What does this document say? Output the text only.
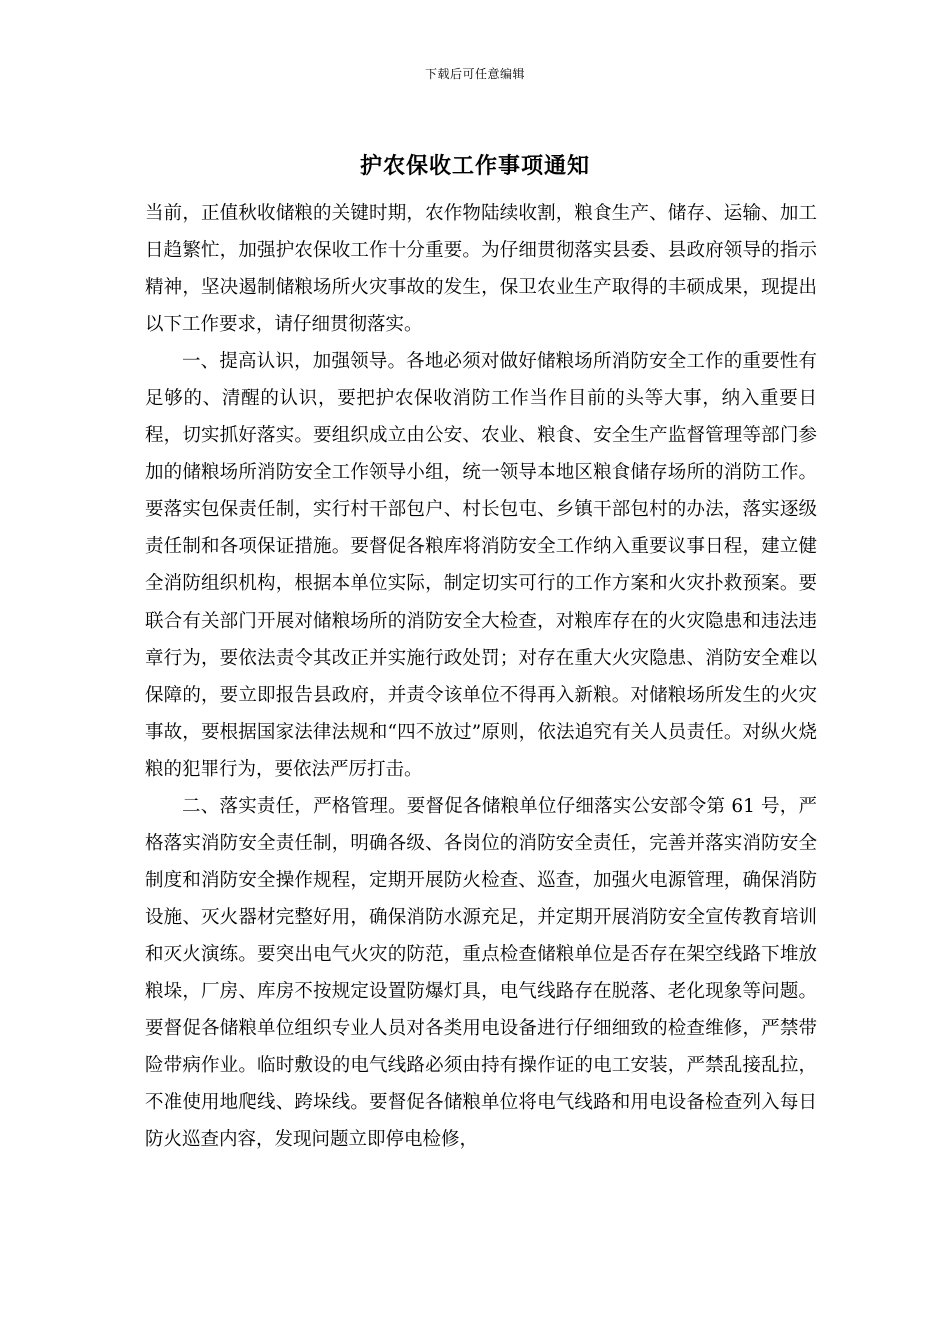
下载后可任意编辑
护农保收工作事项通知

当前，正值秋收储粮的关键时期，农作物陆续收割，粮食生产、储存、运输、加工日趋繁忙，加强护农保收工作十分重要。为仔细贯彻落实县委、县政府领导的指示精神，坚决遏制储粮场所火灾事故的发生，保卫农业生产取得的丰硕成果，现提出以下工作要求，请仔细贯彻落实。

一、提高认识，加强领导。各地必须对做好储粮场所消防安全工作的重要性有足够的、清醒的认识，要把护农保收消防工作当作目前的头等大事，纳入重要日程，切实抓好落实。要组织成立由公安、农业、粮食、安全生产监督管理等部门参加的储粮场所消防安全工作领导小组，统一领导本地区粮食储存场所的消防工作。要落实包保责任制，实行村干部包户、村长包屯、乡镇干部包村的办法，落实逐级责任制和各项保证措施。要督促各粮库将消防安全工作纳入重要议事日程，建立健全消防组织机构，根据本单位实际，制定切实可行的工作方案和火灾扑救预案。要联合有关部门开展对储粮场所的消防安全大检查，对粮库存在的火灾隐患和违法违章行为，要依法责令其改正并实施行政处罚；对存在重大火灾隐患、消防安全难以保障的，要立即报告县政府，并责令该单位不得再入新粮。对储粮场所发生的火灾事故，要根据国家法律法规和“四不放过”原则，依法追究有关人员责任。对纵火烧粮的犯罪行为，要依法严厉打击。

二、落实责任，严格管理。要督促各储粮单位仔细落实公安部令第 61 号，严格落实消防安全责任制，明确各级、各岗位的消防安全责任，完善并落实消防安全制度和消防安全操作规程，定期开展防火检查、巡查，加强火电源管理，确保消防设施、灭火器材完整好用，确保消防水源充足，并定期开展消防安全宣传教育培训和灭火演练。要突出电气火灾的防范，重点检查储粮单位是否存在架空线路下堆放粮垛，厂房、库房不按规定设置防爆灯具，电气线路存在脱落、老化现象等问题。要督促各储粮单位组织专业人员对各类用电设备进行仔细细致的检查维修，严禁带险带病作业。临时敷设的电气线路必须由持有操作证的电工安装，严禁乱接乱拉，不准使用地爬线、跨垛线。要督促各储粮单位将电气线路和用电设备检查列入每日防火巡查内容，发现问题立即停电检修，
